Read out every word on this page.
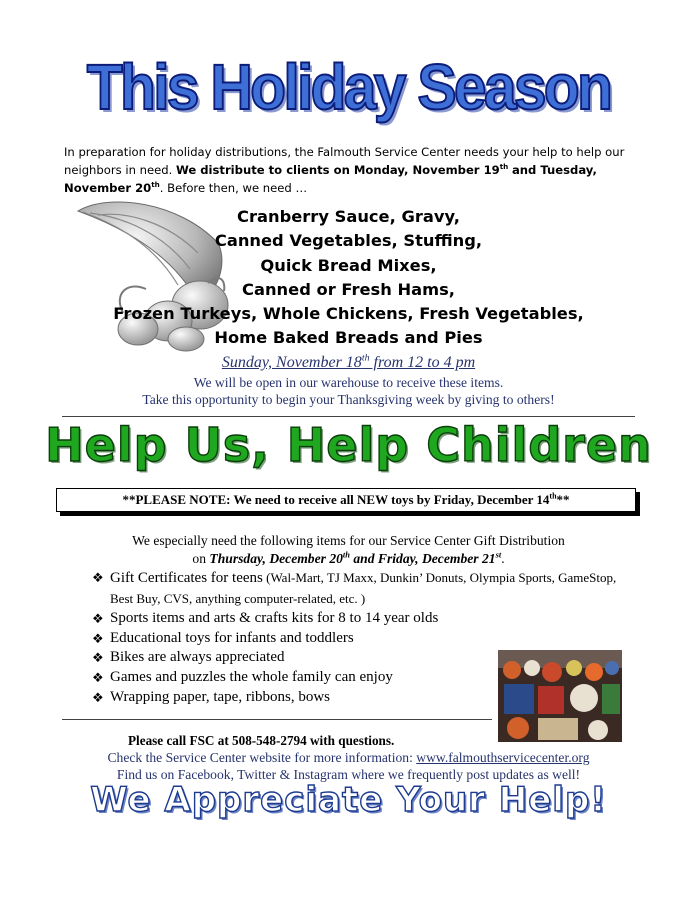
This Holiday Season
In preparation for holiday distributions, the Falmouth Service Center needs your help to help our neighbors in need. We distribute to clients on Monday, November 19th and Tuesday, November 20th. Before then, we need …
Cranberry Sauce, Gravy,
Canned Vegetables, Stuffing,
Quick Bread Mixes,
Canned or Fresh Hams,
Frozen Turkeys, Whole Chickens, Fresh Vegetables,
Home Baked Breads and Pies
Sunday, November 18th from 12 to 4 pm
We will be open in our warehouse to receive these items.
Take this opportunity to begin your Thanksgiving week by giving to others!
Help Us, Help Children
**PLEASE NOTE: We need to receive all NEW toys by Friday, December 14th**
We especially need the following items for our Service Center Gift Distribution
on Thursday, December 20th and Friday, December 21st.
❖ Gift Certificates for teens (Wal-Mart, TJ Maxx, Dunkin’ Donuts, Olympia Sports, GameStop, Best Buy, CVS, anything computer-related, etc. )
❖ Sports items and arts & crafts kits for 8 to 14 year olds
❖ Educational toys for infants and toddlers
❖ Bikes are always appreciated
❖ Games and puzzles the whole family can enjoy
❖ Wrapping paper, tape, ribbons, bows
Please call FSC at 508-548-2794 with questions.
Check the Service Center website for more information: www.falmouthservicecenter.org
Find us on Facebook, Twitter & Instagram where we frequently post updates as well!
We Appreciate Your Help!
